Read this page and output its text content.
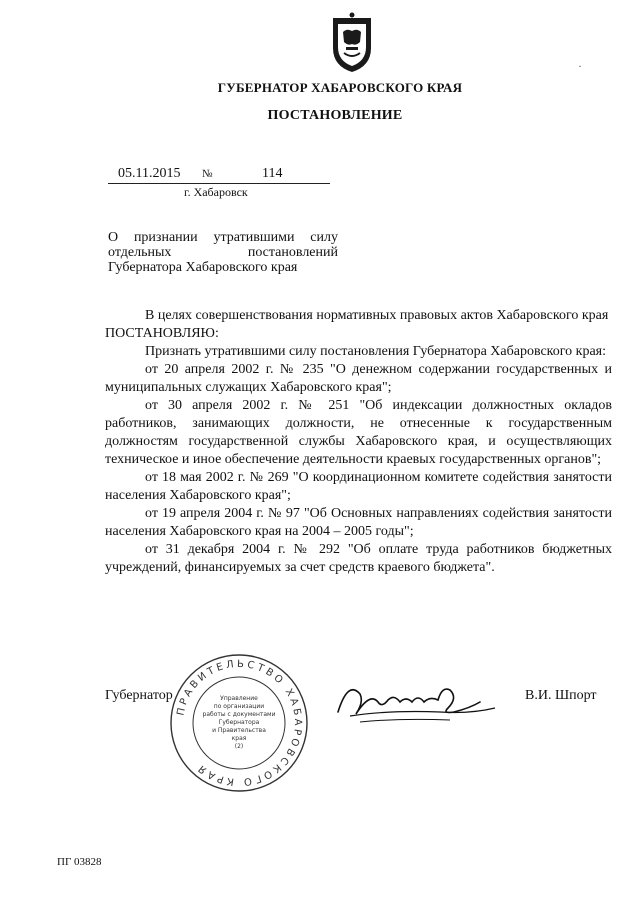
·
ГУБЕРНАТОР ХАБАРОВСКОГО КРАЯ
ПОСТАНОВЛЕНИЕ
05.11.2015 №	114
г. Хабаровск
О признании утратившими силу отдельных постановлений Губернатора Хабаровского края

В целях совершенствования нормативных правовых актов Хабаровского края

ПОСТАНОВЛЯЮ:

Признать утратившими силу постановления Губернатора Хабаровского края:

от 20 апреля 2002 г. № 235 "О денежном содержании государственных и муниципальных служащих Хабаровского края";

от 30 апреля 2002 г. № 251 "Об индексации должностных окладов работников, занимающих должности, не отнесенные к государственным должностям государственной службы Хабаровского края, и осуществляющих техническое и иное обеспечение деятельности краевых государственных органов";

от 18 мая 2002 г. № 269 "О координационном комитете содействия занятости населения Хабаровского края";

от 19 апреля 2004 г. № 97 "Об Основных направлениях содействия занятости населения Хабаровского края на 2004 – 2005 годы";

от 31 декабря 2004 г. № 292 "Об оплате труда работников бюджетных учреждений, финансируемых за счет средств краевого бюджета".

Губернатор	В.И. Шпорт
ПРАВИТЕЛЬСТВО ХАБАРОВСКОГО КРАЯ
Управление
по организации
работы с документами
Губернатора
и Правительства
края
(2)
ПГ 03828
